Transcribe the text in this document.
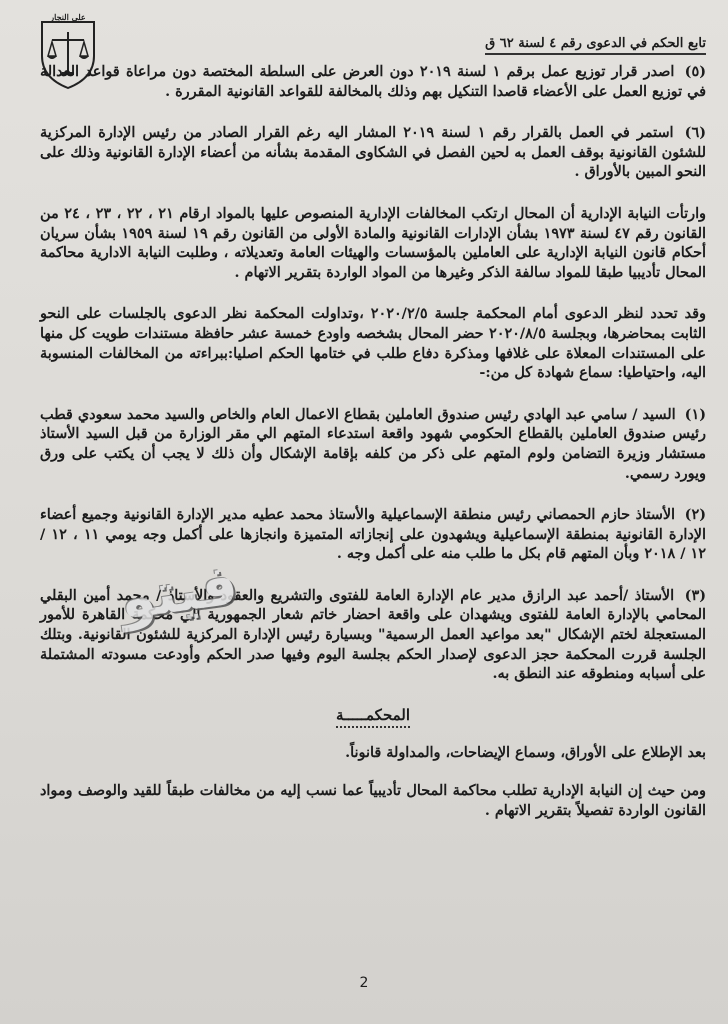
على النجار
تابع الحكم في الدعوى رقم ٤ لسنة ٦٢ ق

(٥) اصدر قرار توزيع عمل برقم ١ لسنة ٢٠١٩ دون العرض على السلطة المختصة دون مراعاة قواعد العدالة في توزيع العمل على الأعضاء قاصدا التنكيل بهم وذلك بالمخالفة للقواعد القانونية المقررة .

(٦) استمر في العمل بالقرار رقم ١ لسنة ٢٠١٩ المشار اليه رغم القرار الصادر من رئيس الإدارة المركزية للشئون القانونية بوقف العمل به لحين الفصل في الشكاوى المقدمة بشأنه من أعضاء الإدارة القانونية وذلك على النحو المبين بالأوراق .

وارتأت النيابة الإدارية أن المحال ارتكب المخالفات الإدارية المنصوص عليها بالمواد ارقام ٢١ ، ٢٢ ، ٢٣ ، ٢٤ من القانون رقم ٤٧ لسنة ١٩٧٣ بشأن الإدارات القانونية والمادة الأولى من القانون رقم ١٩ لسنة ١٩٥٩ بشأن سريان أحكام قانون النيابة الإدارية على العاملين بالمؤسسات والهيئات العامة وتعديلاته ، وطلبت النيابة الادارية محاكمة المحال تأديبيا طبقا للمواد سالفة الذكر وغيرها من المواد الواردة بتقرير الاتهام .

وقد تحدد لنظر الدعوى أمام المحكمة جلسة ٢٠٢٠/٢/٥ ،وتداولت المحكمة نظر الدعوى بالجلسات على النحو الثابت بمحاضرها، وبجلسة ٢٠٢٠/٨/٥ حضر المحال بشخصه واودع خمسة عشر حافظة مستندات طويت كل منها على المستندات المعلاة على غلافها ومذكرة دفاع طلب في ختامها الحكم اصليا:ببراءته من المخالفات المنسوبة اليه، واحتياطيا: سماع شهادة كل من:-

(١) السيد / سامي عبد الهادي رئيس صندوق العاملين بقطاع الاعمال العام والخاص والسيد محمد سعودي قطب رئيس صندوق العاملين بالقطاع الحكومي شهود واقعة استدعاء المتهم الي مقر الوزارة من قبل السيد الأستاذ مستشار وزيرة التضامن ولوم المتهم على ذكر من كلفه بإقامة الإشكال وأن ذلك لا يجب أن يكتب على ورق ويورد رسمي.

(٢) الأستاذ حازم الحمصاني رئيس منطقة الإسماعيلية والأستاذ محمد عطيه مدير الإدارة القانونية وجميع أعضاء الإدارة القانونية بمنطقة الإسماعيلية ويشهدون على إنجازاته المتميزة وانجازها على أكمل وجه يومي ١١ ، ١٢ / ١٢ / ٢٠١٨ وبأن المتهم قام بكل ما طلب منه على أكمل وجه .

(٣) الأستاذ /أحمد عبد الرازق مدير عام الإدارة العامة للفتوى والتشريع والعقود والأستاذ / محمد أمين البقلي المحامي بالإدارة العامة للفتوى ويشهدان على واقعة احضار خاتم شعار الجمهورية الي محكمة القاهرة للأمور المستعجلة لختم الإشكال "بعد مواعيد العمل الرسمية" وبسيارة رئيس الإدارة المركزية للشئون القانونية. وبتلك الجلسة قررت المحكمة حجز الدعوى لإصدار الحكم بجلسة اليوم وفيها صدر الحكم وأودعت مسودته المشتملة على أسبابه ومنطوقه عند النطق به.

المحكمـــــة

بعد الإطلاع على الأوراق، وسماع الإيضاحات، والمداولة قانوناً.

ومن حيث إن النيابة الإدارية تطلب محاكمة المحال تأديبياً عما نسب إليه من مخالفات طبقاً للقيد والوصف ومواد القانون الواردة تفصيلاً بتقرير الاتهام .

فيتو
2
